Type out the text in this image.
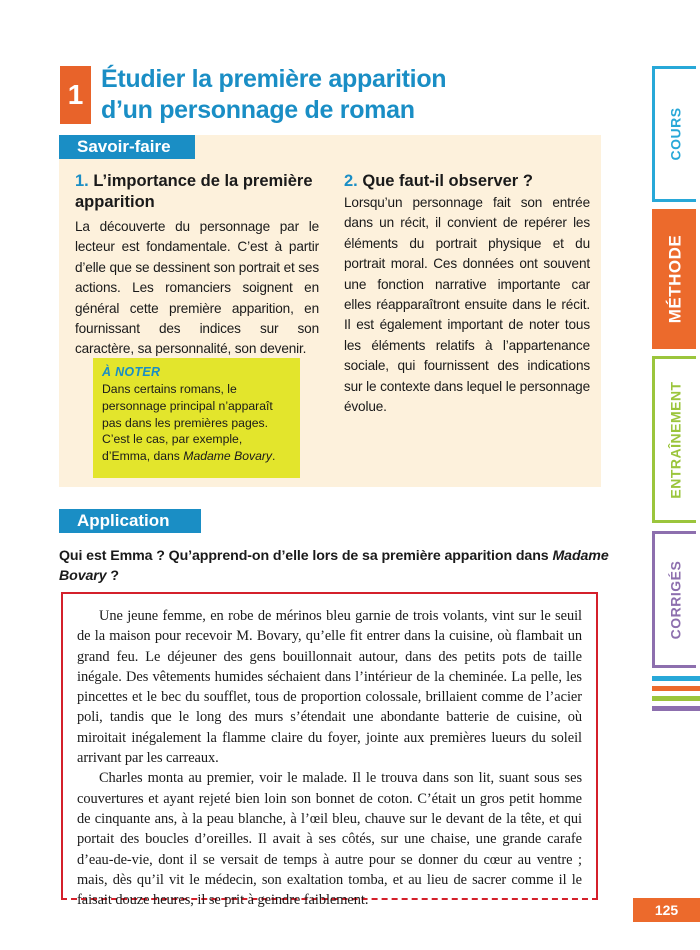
1 Étudier la première apparition
d’un personnage de roman
Savoir-faire
1. L’importance de la première apparition
La découverte du personnage par le lecteur est fondamentale. C’est à partir d’elle que se dessinent son portrait et ses actions. Les romanciers soignent en général cette première apparition, en fournissant des indices sur son caractère, sa personnalité, son devenir.
À NOTER
Dans certains romans, le personnage principal n’apparaît pas dans les premières pages. C’est le cas, par exemple, d’Emma, dans Madame Bovary.
2. Que faut-il observer ?
Lorsqu’un personnage fait son entrée dans un récit, il convient de repérer les éléments du portrait physique et du portrait moral. Ces données ont souvent une fonction narrative importante car elles réapparaîtront ensuite dans le récit. Il est également important de noter tous les éléments relatifs à l’appartenance sociale, qui fournissent des indications sur le contexte dans lequel le personnage évolue.
Application
Qui est Emma ? Qu’apprend-on d’elle lors de sa première apparition dans Madame Bovary ?

Une jeune femme, en robe de mérinos bleu garnie de trois volants, vint sur le seuil de la maison pour recevoir M. Bovary, qu’elle fit entrer dans la cuisine, où flambait un grand feu. Le déjeuner des gens bouillonnait autour, dans des petits pots de taille inégale. Des vêtements humides séchaient dans l’intérieur de la cheminée. La pelle, les pincettes et le bec du soufflet, tous de proportion colossale, brillaient comme de l’acier poli, tandis que le long des murs s’étendait une abondante batterie de cuisine, où miroitait inégalement la flamme claire du foyer, jointe aux premières lueurs du soleil arrivant par les carreaux.

Charles monta au premier, voir le malade. Il le trouva dans son lit, suant sous ses couvertures et ayant rejeté bien loin son bonnet de coton. C’était un gros petit homme de cinquante ans, à la peau blanche, à l’œil bleu, chauve sur le devant de la tête, et qui portait des boucles d’oreilles. Il avait à ses côtés, sur une chaise, une grande carafe d’eau-de-vie, dont il se versait de temps à autre pour se donner du cœur au ventre ; mais, dès qu’il vit le médecin, son exaltation tomba, et au lieu de sacrer comme il le faisait douze heures, il se prit à geindre faiblement.

COURS
MÉTHODE
ENTRAÎNEMENT
CORRIGÉS
125
